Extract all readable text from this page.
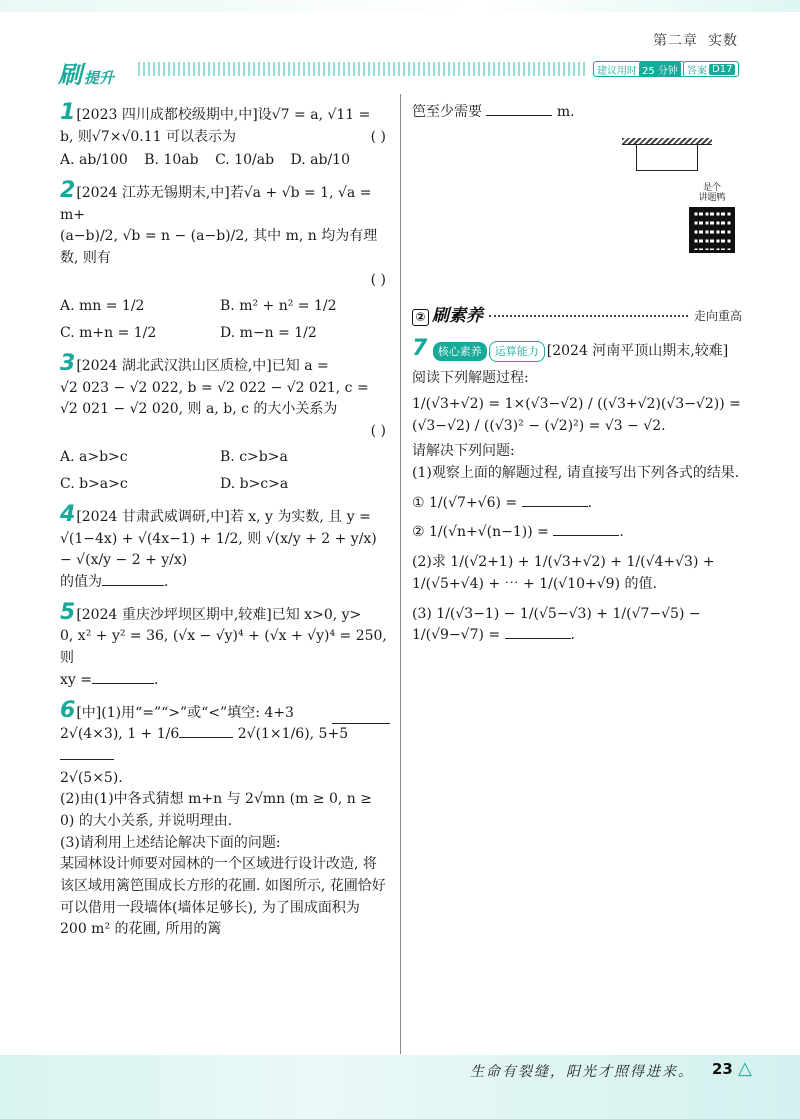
第二章 实数
刷 提升	建议用时 25 分钟 答案 D17
1[2023 四川成都校级期中,中]设√7 = a, √11 =
b, 则√7×√0.11 可以表示为	( )
A. ab/100 B. 10ab C. 10/ab D. ab/10
2[2024 江苏无锡期末,中]若√a + √b = 1, √a = m+
(a−b)/2, √b = n − (a−b)/2, 其中 m, n 均为有理数, 则有
( )
A. mn = 1/2	B. m² + n² = 1/2
C. m+n = 1/2	D. m−n = 1/2
3[2024 湖北武汉洪山区质检,中]已知 a =
√2 023 − √2 022, b = √2 022 − √2 021, c =
√2 021 − √2 020, 则 a, b, c 的大小关系为
( )
A. a>b>c	B. c>b>a
C. b>a>c	D. b>c>a
4[2024 甘肃武威调研,中]若 x, y 为实数, 且 y =
√(1−4x) + √(4x−1) + 1/2, 则 √(x/y + 2 + y/x) − √(x/y − 2 + y/x)
的值为	.
5[2024 重庆沙坪坝区期中,较难]已知 x>0, y>
0, x² + y² = 36, (√x − √y)⁴ + (√x + √y)⁴ = 250, 则
xy =	.
6[中](1)用“=”“>”或“<”填空: 4+3
2√(4×3), 1 + 1/6	2√(1×1/6), 5+5
2√(5×5).
(2)由(1)中各式猜想 m+n 与 2√mn (m ≥ 0, n ≥ 0) 的大小关系, 并说明理由.
(3)请利用上述结论解决下面的问题:
某园林设计师要对园林的一个区域进行设计改造, 将该区域用篱笆围成长方形的花圃. 如图所示, 花圃恰好可以借用一段墙体(墙体足够长), 为了围成面积为 200 m² 的花圃, 所用的篱
笆至少需要	m.
是个
讲题鸭
② 刷素养	走向重高
7 核心素养 运算能力 [2024 河南平顶山期末,较难]
阅读下列解题过程:
1/(√3+√2) = 1×(√3−√2) / ((√3+√2)(√3−√2)) = (√3−√2) / ((√3)² − (√2)²) = √3 − √2.
请解决下列问题:
(1)观察上面的解题过程, 请直接写出下列各式的结果.
① 1/(√7+√6) =	.
② 1/(√n+√(n−1)) =	.
(2)求 1/(√2+1) + 1/(√3+√2) + 1/(√4+√3) + 1/(√5+√4) + ⋯ + 1/(√10+√9) 的值.
(3) 1/(√3−1) − 1/(√5−√3) + 1/(√7−√5) − 1/(√9−√7) =	.
生命有裂缝，阳光才照得进来。 23 △
